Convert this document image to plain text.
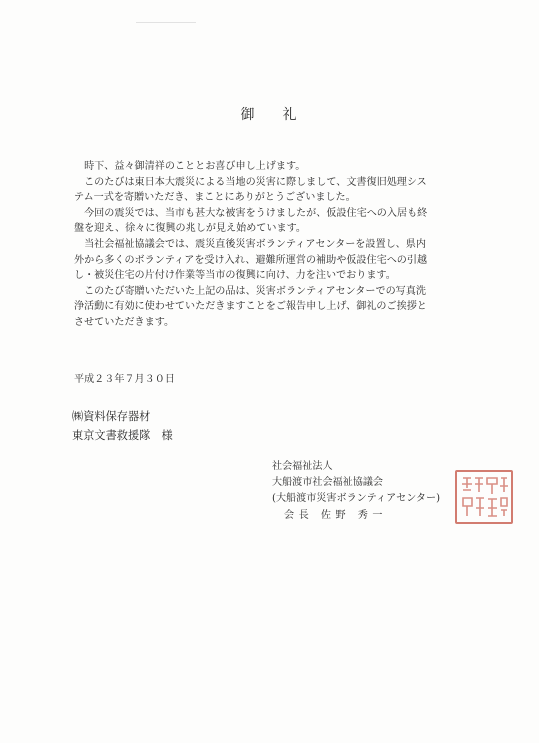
御 礼
　時下、益々御清祥のこととお喜び申し上げます。
　このたびは東日本大震災による当地の災害に際しまして、文書復旧処理シス
テム一式を寄贈いただき、まことにありがとうございました。
　今回の震災では、当市も甚大な被害をうけましたが、仮設住宅への入居も終
盤を迎え、徐々に復興の兆しが見え始めています。
　当社会福祉協議会では、震災直後災害ボランティアセンターを設置し、県内
外から多くのボランティアを受け入れ、避難所運営の補助や仮設住宅への引越
し・被災住宅の片付け作業等当市の復興に向け、力を注いでおります。
　このたび寄贈いただいた上記の品は、災害ボランティアセンターでの写真洗
浄活動に有効に使わせていただきますことをご報告申し上げ、御礼のご挨拶と
させていただきます。
平成２３年７月３０日
㈱資料保存器材
東京文書救援隊　様
社会福祉法人
大船渡市社会福祉協議会
(大船渡市災害ボランティアセンター)
会長 佐野 秀一
